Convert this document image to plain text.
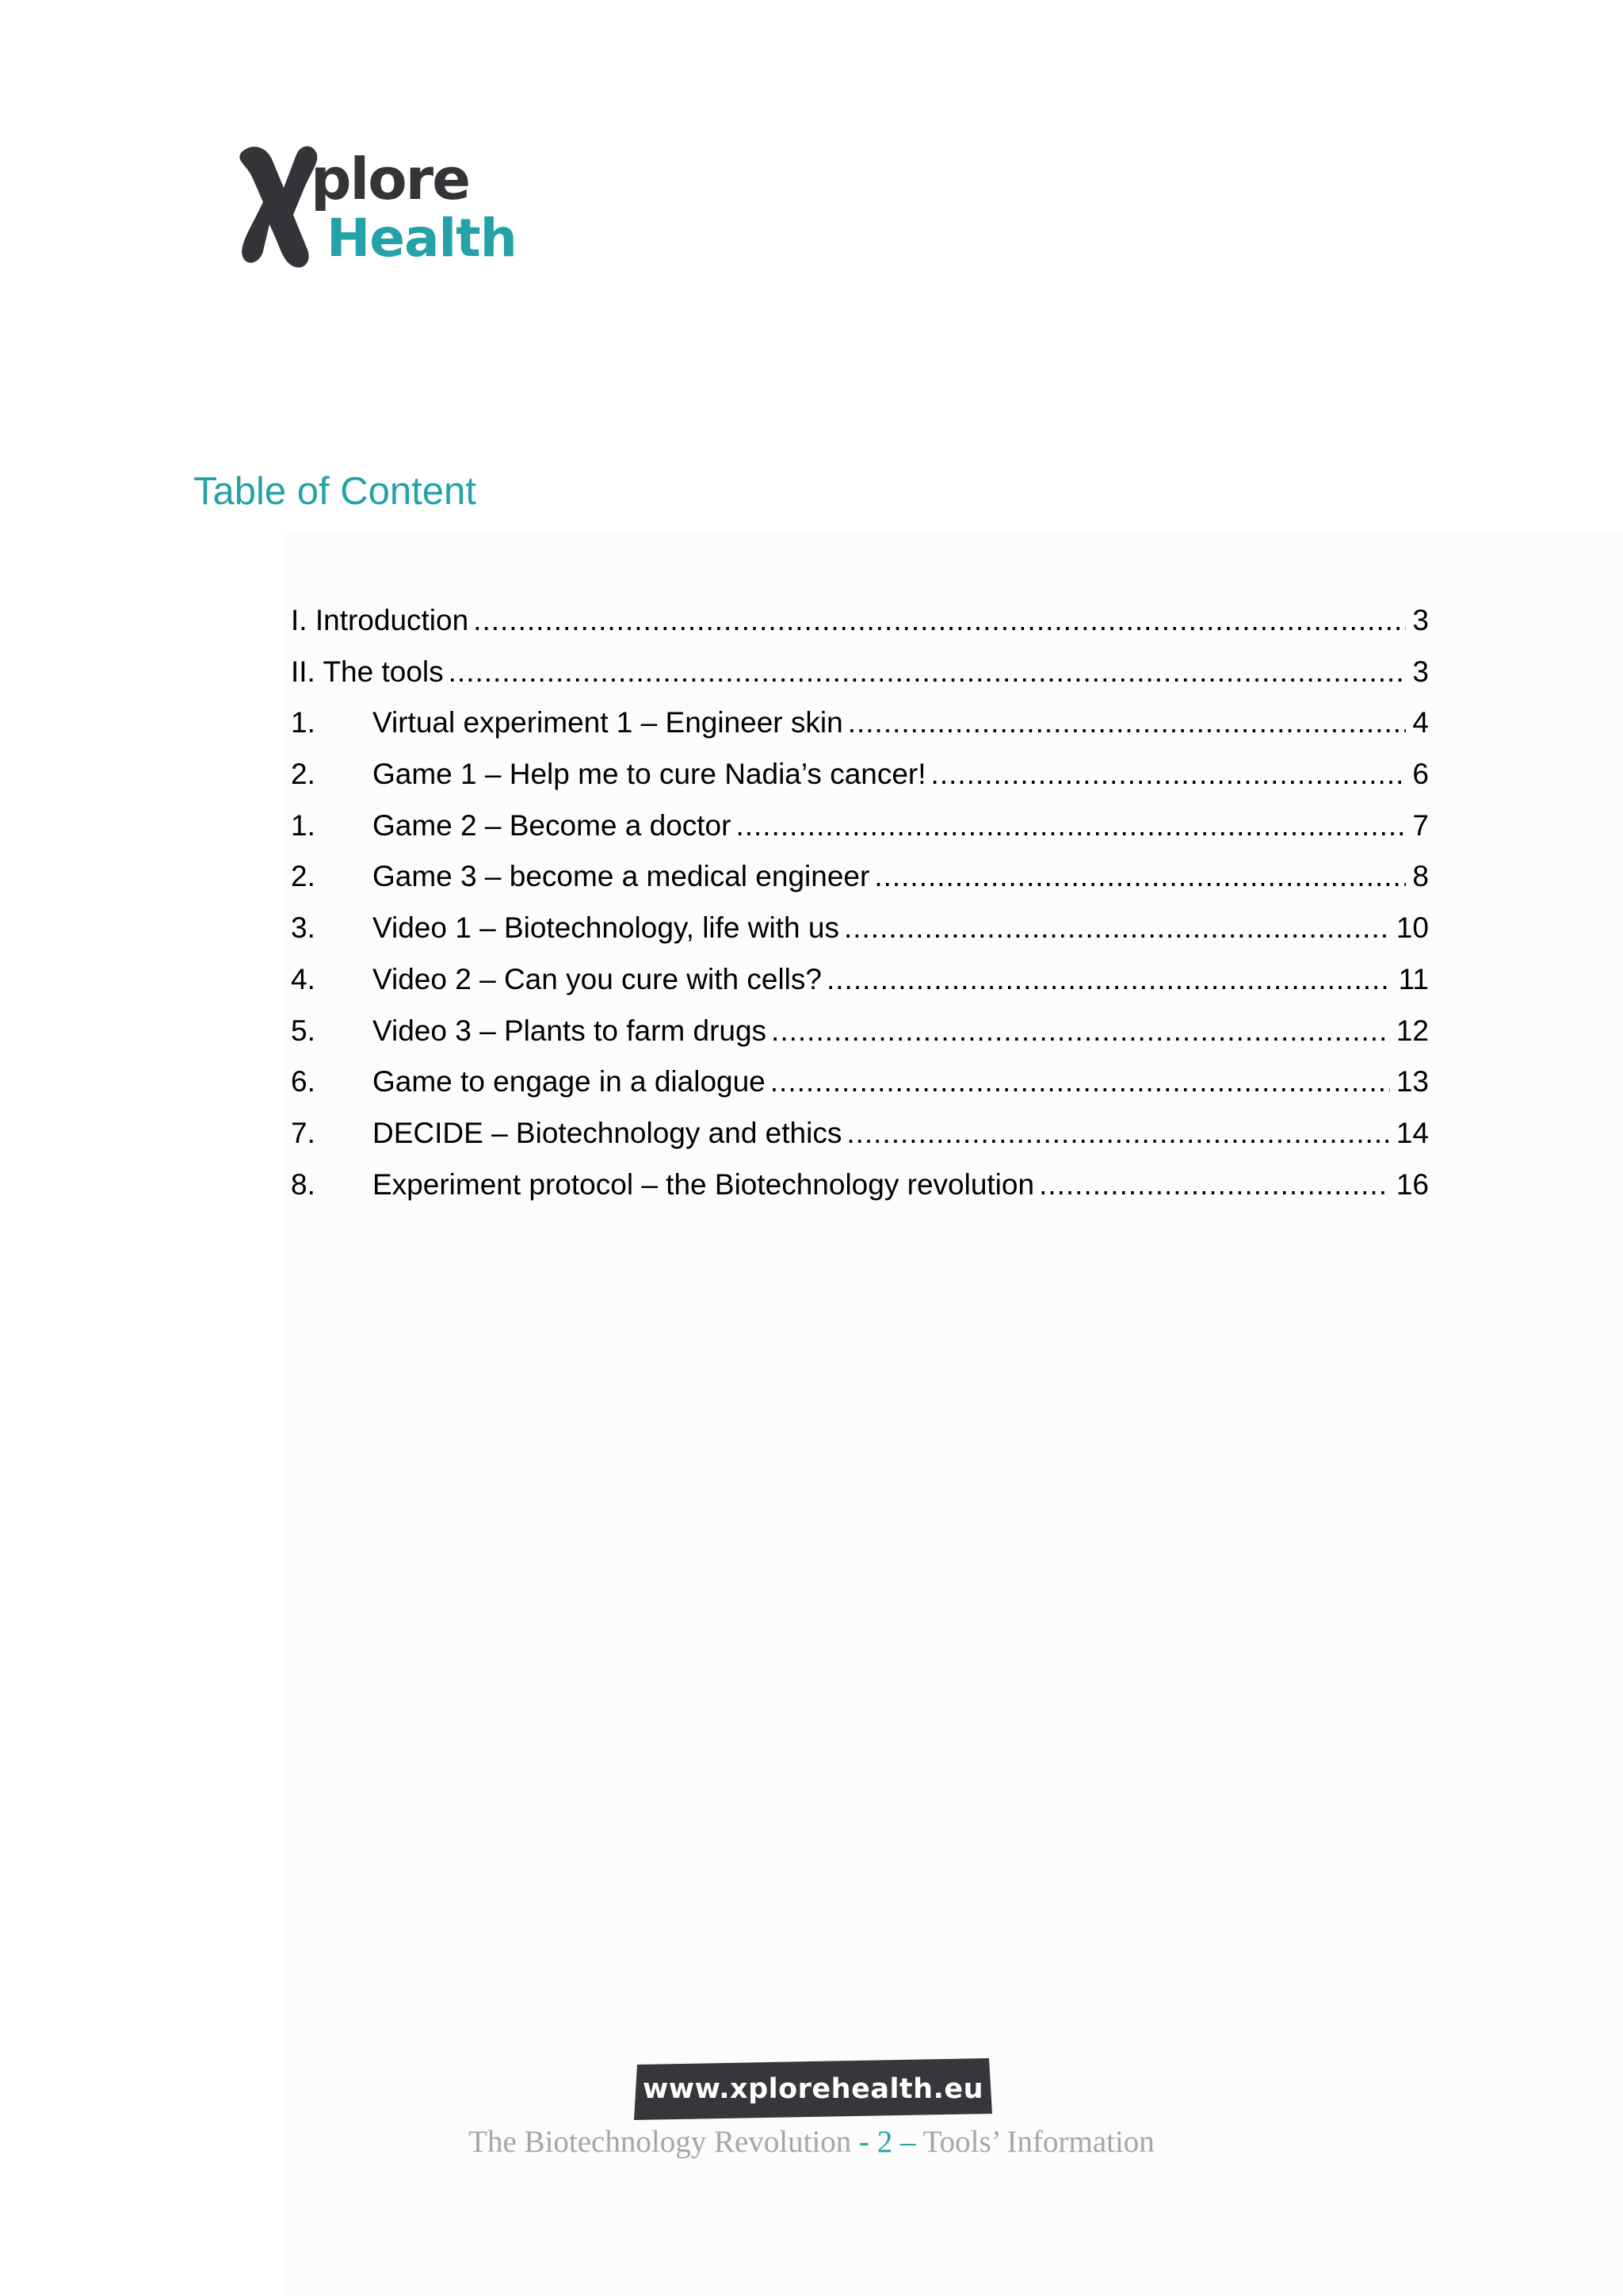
plore
Health
Table of Content
I. Introduction .....	3
II. The tools .....	3
1.	Virtual experiment 1 – Engineer skin .....	4
2.	Game 1 – Help me to cure Nadia’s cancer! .....	6
1.	Game 2 – Become a doctor .....	7
2.	Game 3 – become a medical engineer .....	8
3.	Video 1 – Biotechnology, life with us .....	10
4.	Video 2 – Can you cure with cells? .....	11
5.	Video 3 – Plants to farm drugs .....	12
6.	Game to engage in a dialogue .....	13
7.	DECIDE – Biotechnology and ethics .....	14
8.	Experiment protocol – the Biotechnology revolution .....	16
www.xplorehealth.eu
The Biotechnology Revolution - 2 – Tools’ Information
